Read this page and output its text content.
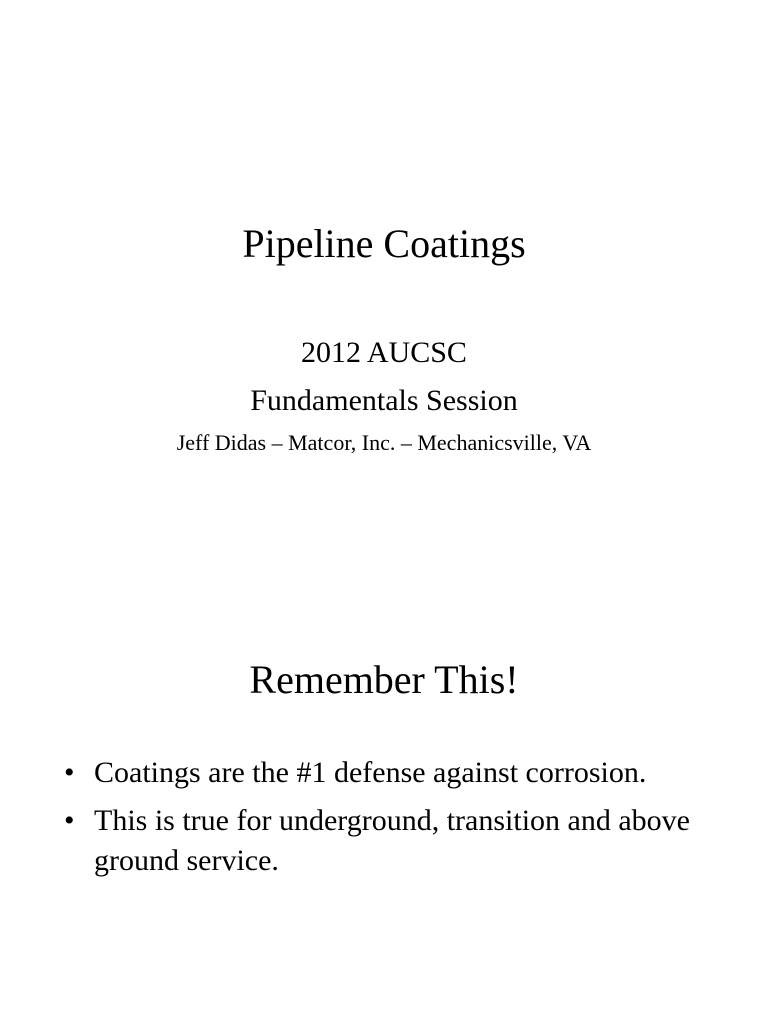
Pipeline Coatings
2012 AUCSC
Fundamentals Session
Jeff Didas – Matcor, Inc. – Mechanicsville, VA
Remember This!
• Coatings are the #1 defense against corrosion.
• This is true for underground, transition and above ground service.
